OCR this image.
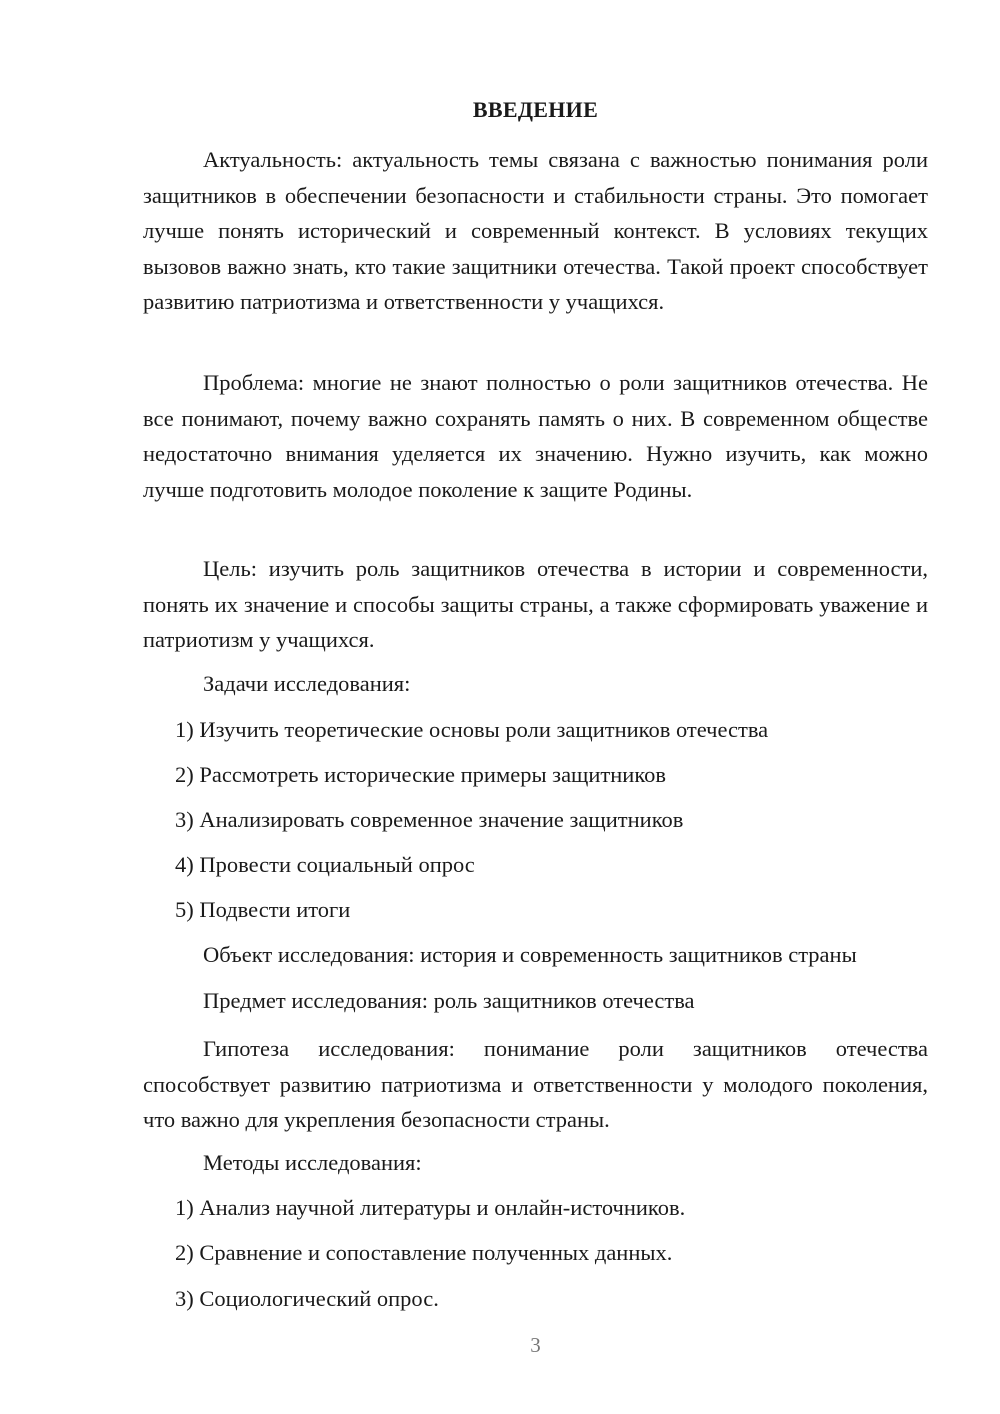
ВВЕДЕНИЕ

Актуальность: актуальность темы связана с важностью понимания роли защитников в обеспечении безопасности и стабильности страны. Это помогает лучше понять исторический и современный контекст. В условиях текущих вызовов важно знать, кто такие защитники отечества. Такой проект способствует развитию патриотизма и ответственности у учащихся.

Проблема: многие не знают полностью о роли защитников отечества. Не все понимают, почему важно сохранять память о них. В современном обществе недостаточно внимания уделяется их значению. Нужно изучить, как можно лучше подготовить молодое поколение к защите Родины.

Цель: изучить роль защитников отечества в истории и современности, понять их значение и способы защиты страны, а также сформировать уважение и патриотизм у учащихся.

Задачи исследования:

1) Изучить теоретические основы роли защитников отечества

2) Рассмотреть исторические примеры защитников

3) Анализировать современное значение защитников

4) Провести социальный опрос

5) Подвести итоги

Объект исследования: история и современность защитников страны

Предмет исследования: роль защитников отечества

Гипотеза исследования: понимание роли защитников отечества способствует развитию патриотизма и ответственности у молодого поколения, что важно для укрепления безопасности страны.

Методы исследования:

1) Анализ научной литературы и онлайн-источников.

2) Сравнение и сопоставление полученных данных.

3) Социологический опрос.

3
